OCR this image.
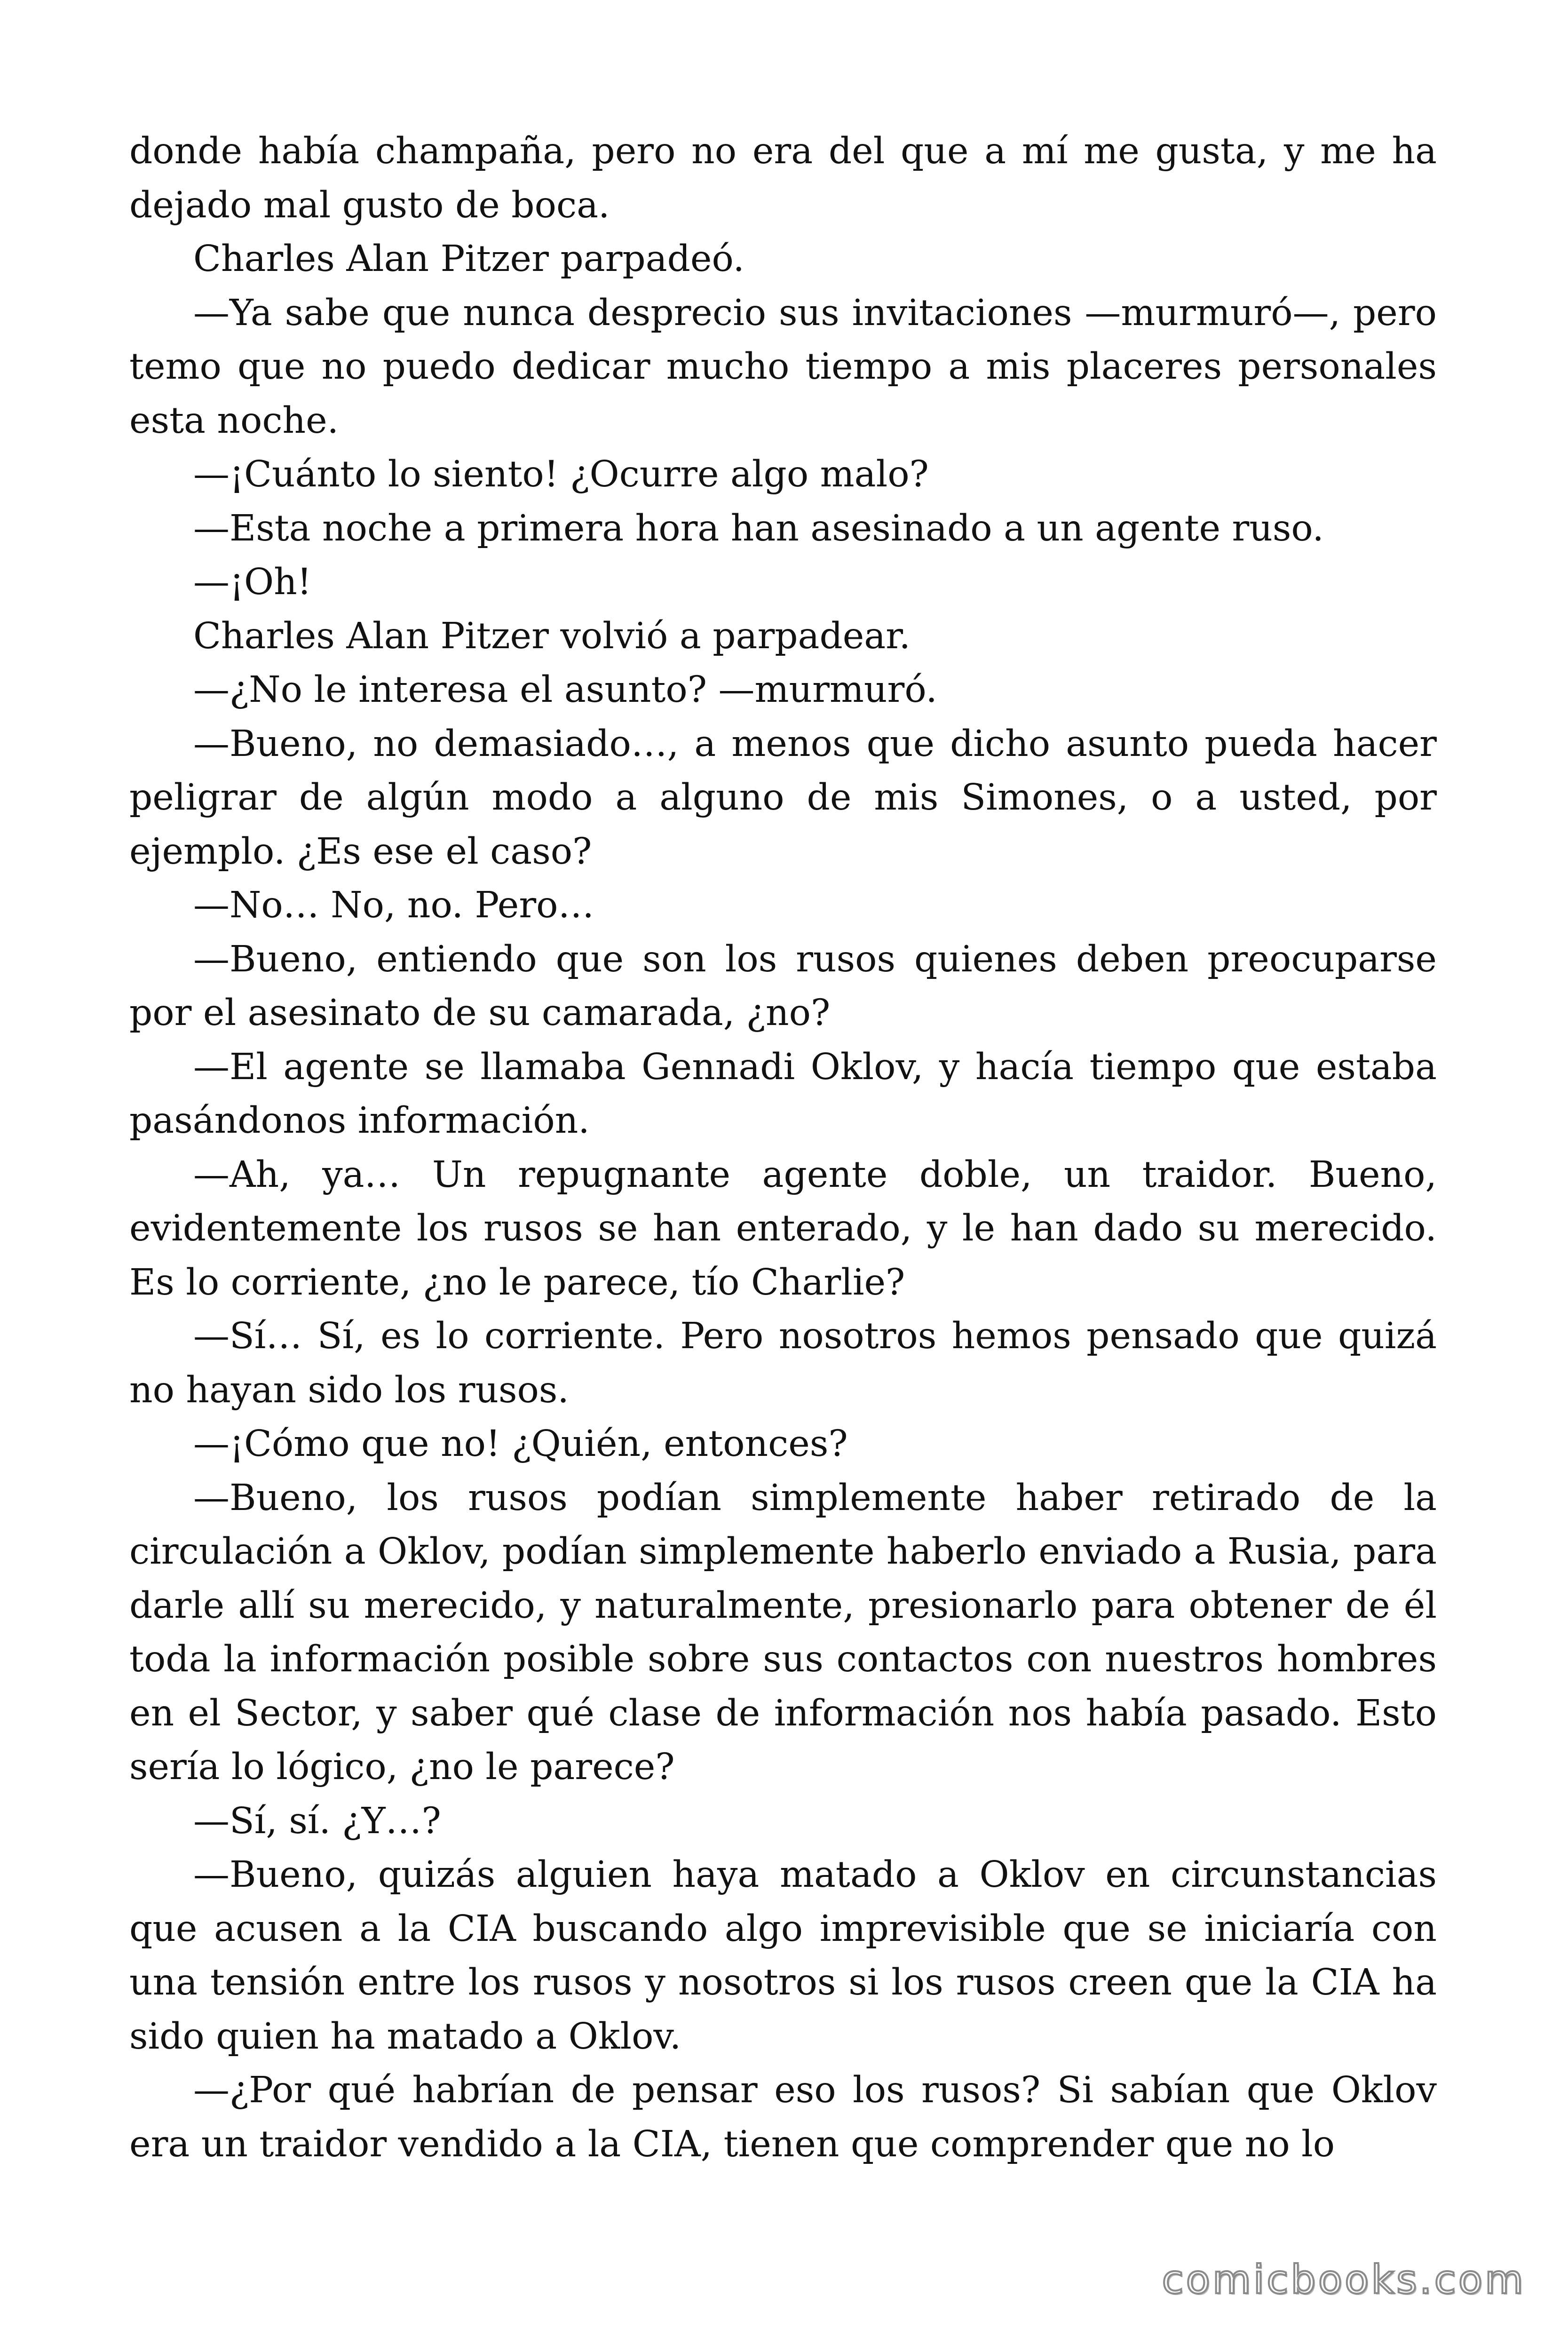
donde había champaña, pero no era del que a mí me gusta, y me ha dejado mal gusto de boca.

Charles Alan Pitzer parpadeó.

—Ya sabe que nunca desprecio sus invitaciones —murmuró—, pero temo que no puedo dedicar mucho tiempo a mis placeres personales esta noche.

—¡Cuánto lo siento! ¿Ocurre algo malo?

—Esta noche a primera hora han asesinado a un agente ruso.

—¡Oh!

Charles Alan Pitzer volvió a parpadear.

—¿No le interesa el asunto? —murmuró.

—Bueno, no demasiado…, a menos que dicho asunto pueda hacer peligrar de algún modo a alguno de mis Simones, o a usted, por ejemplo. ¿Es ese el caso?

—No… No, no. Pero…

—Bueno, entiendo que son los rusos quienes deben preocuparse por el asesinato de su camarada, ¿no?

—El agente se llamaba Gennadi Oklov, y hacía tiempo que estaba pasándonos información.

—Ah, ya… Un repugnante agente doble, un traidor. Bueno, evidentemente los rusos se han enterado, y le han dado su merecido. Es lo corriente, ¿no le parece, tío Charlie?

—Sí… Sí, es lo corriente. Pero nosotros hemos pensado que quizá no hayan sido los rusos.

—¡Cómo que no! ¿Quién, entonces?

—Bueno, los rusos podían simplemente haber retirado de la circulación a Oklov, podían simplemente haberlo enviado a Rusia, para darle allí su merecido, y naturalmente, presionarlo para obtener de él toda la información posible sobre sus contactos con nuestros hombres en el Sector, y saber qué clase de información nos había pasado. Esto sería lo lógico, ¿no le parece?

—Sí, sí. ¿Y…?

—Bueno, quizás alguien haya matado a Oklov en circunstancias que acusen a la CIA buscando algo imprevisible que se iniciaría con una tensión entre los rusos y nosotros si los rusos creen que la CIA ha sido quien ha matado a Oklov.

—¿Por qué habrían de pensar eso los rusos? Si sabían que Oklov era un traidor vendido a la CIA, tienen que comprender que no lo

comicbooks.com
